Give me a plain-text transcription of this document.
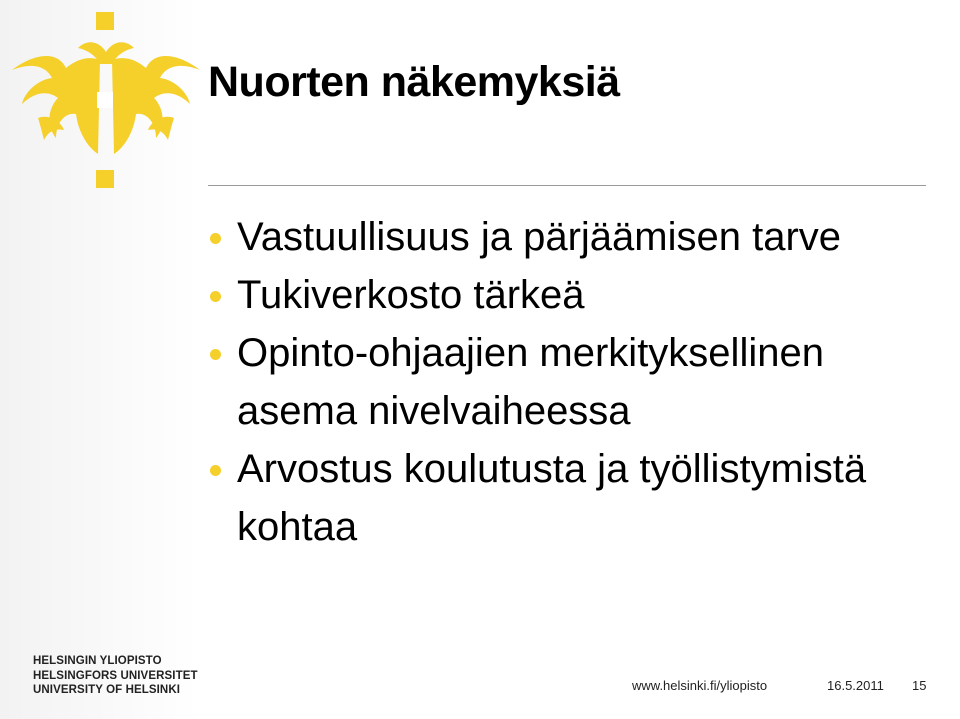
Nuorten näkemyksiä
Vastuullisuus ja pärjäämisen tarve
Tukiverkosto tärkeä
Opinto-ohjaajien merkityksellinen asema nivelvaiheessa
Arvostus koulutusta ja työllistymistä kohtaa
HELSINGIN YLIOPISTO
HELSINGFORS UNIVERSITET
UNIVERSITY OF HELSINKI	www.helsinki.fi/yliopisto	16.5.2011 15
